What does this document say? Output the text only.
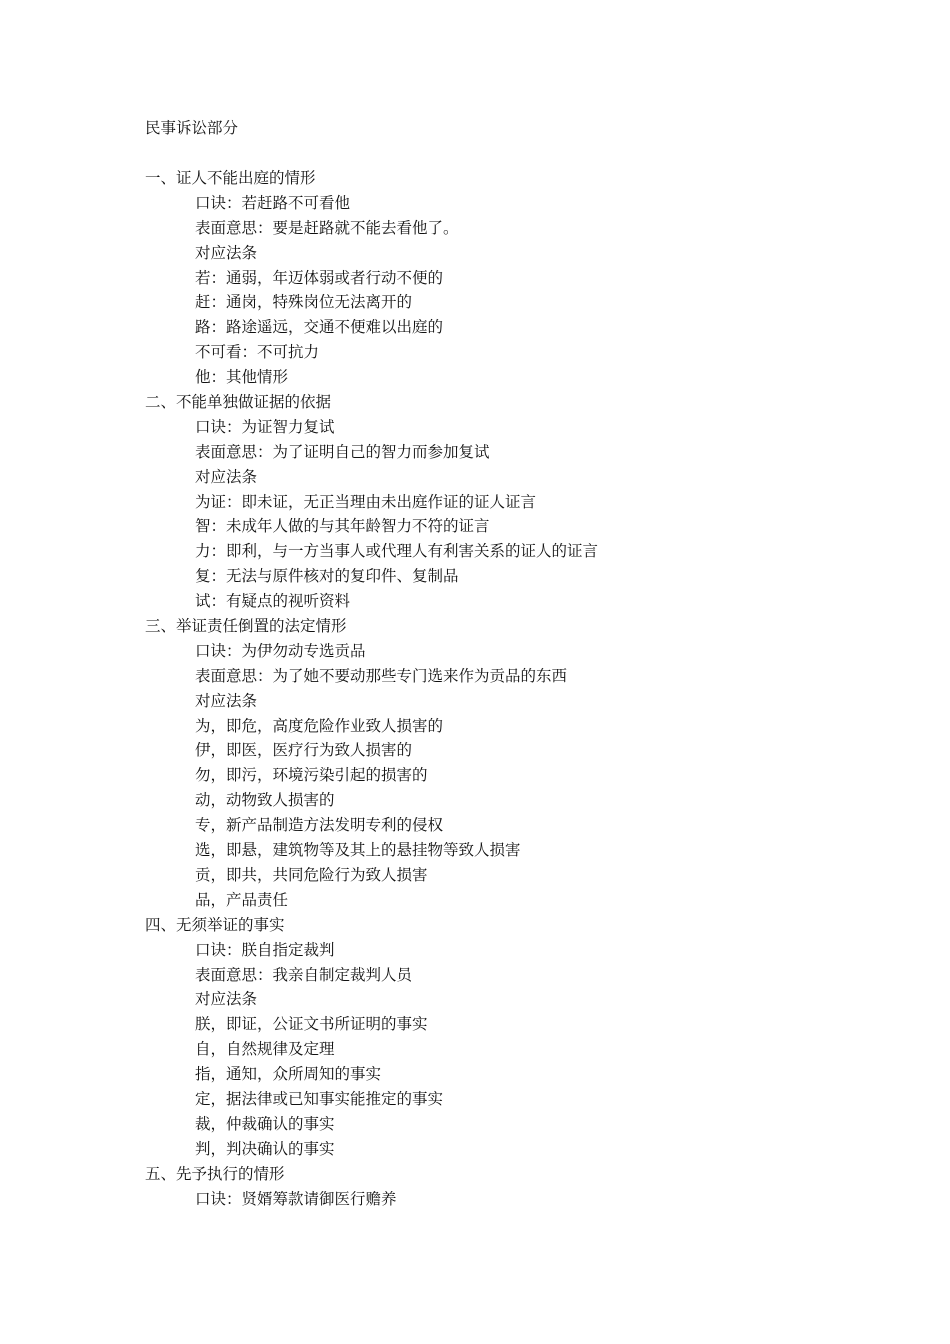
民事诉讼部分
一、证人不能出庭的情形
口诀：若赶路不可看他
表面意思：要是赶路就不能去看他了。
对应法条
若：通弱，年迈体弱或者行动不便的
赶：通岗，特殊岗位无法离开的
路：路途遥远，交通不便难以出庭的
不可看：不可抗力
他：其他情形
二、不能单独做证据的依据
口诀：为证智力复试
表面意思：为了证明自己的智力而参加复试
对应法条
为证：即未证，无正当理由未出庭作证的证人证言
智：未成年人做的与其年龄智力不符的证言
力：即利，与一方当事人或代理人有利害关系的证人的证言
复：无法与原件核对的复印件、复制品
试：有疑点的视听资料
三、举证责任倒置的法定情形
口诀：为伊勿动专选贡品
表面意思：为了她不要动那些专门选来作为贡品的东西
对应法条
为，即危，高度危险作业致人损害的
伊，即医，医疗行为致人损害的
勿，即污，环境污染引起的损害的
动，动物致人损害的
专，新产品制造方法发明专利的侵权
选，即悬，建筑物等及其上的悬挂物等致人损害
贡，即共，共同危险行为致人损害
品，产品责任
四、无须举证的事实
口诀：朕自指定裁判
表面意思：我亲自制定裁判人员
对应法条
朕，即证，公证文书所证明的事实
自，自然规律及定理
指，通知，众所周知的事实
定，据法律或已知事实能推定的事实
裁，仲裁确认的事实
判，判决确认的事实
五、先予执行的情形
口诀：贤婿筹款请御医行赡养
